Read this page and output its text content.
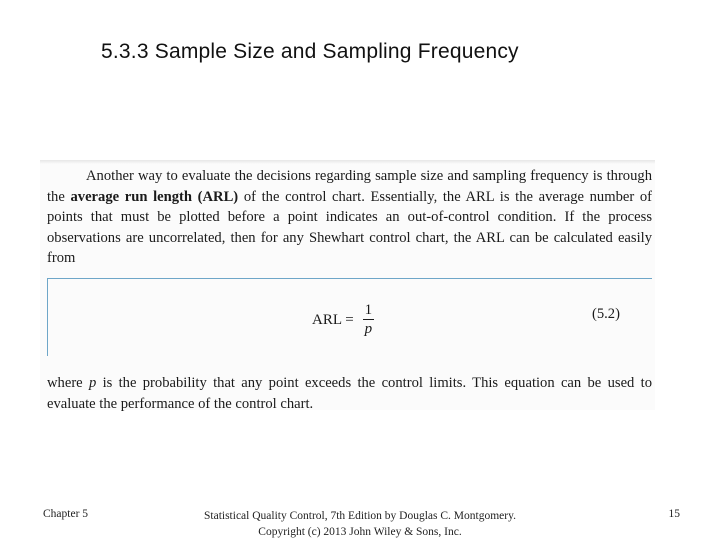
5.3.3 Sample Size and Sampling Frequency

Another way to evaluate the decisions regarding sample size and sampling frequency is through the average run length (ARL) of the control chart. Essentially, the ARL is the average number of points that must be plotted before a point indicates an out-of-control condition. If the process observations are uncorrelated, then for any Shewhart control chart, the ARL can be calculated easily from

ARL = $\frac{1}{p}$	(5.2)

where p is the probability that any point exceeds the control limits. This equation can be used to evaluate the performance of the control chart.

Chapter 5	Statistical Quality Control, 7th Edition by Douglas C. Montgomery.
Copyright (c) 2013 John Wiley & Sons, Inc.
15
